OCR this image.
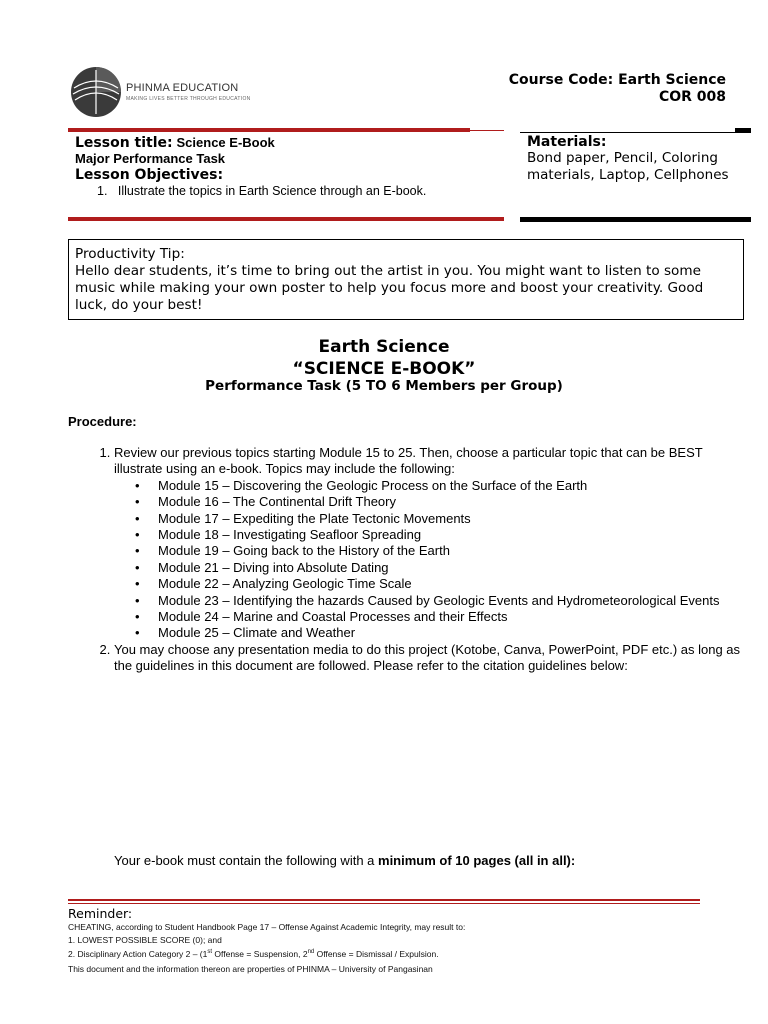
PHINMA EDUCATION
MAKING LIVES BETTER THROUGH EDUCATION
Course Code: Earth Science
COR 008
Lesson title: Science E-Book
Major Performance Task
Lesson Objectives:
1.   Illustrate the topics in Earth Science through an E-book.
Materials:
Bond paper, Pencil, Coloring materials, Laptop, Cellphones
Productivity Tip:
Hello dear students, it’s time to bring out the artist in you. You might want to listen to some music while making your own poster to help you focus more and boost your creativity. Good luck, do your best!
Earth Science
“SCIENCE E-BOOK”
Performance Task (5 TO 6 Members per Group)
Procedure:
1. Review our previous topics starting Module 15 to 25. Then, choose a particular topic that can be BEST illustrate using an e-book. Topics may include the following:
• Module 15 – Discovering the Geologic Process on the Surface of the Earth
• Module 16 – The Continental Drift Theory
• Module 17 – Expediting the Plate Tectonic Movements
• Module 18 – Investigating Seafloor Spreading
• Module 19 – Going back to the History of the Earth
• Module 21 – Diving into Absolute Dating
• Module 22 – Analyzing Geologic Time Scale
• Module 23 – Identifying the hazards Caused by Geologic Events and Hydrometeorological Events
• Module 24 – Marine and Coastal Processes and their Effects
• Module 25 – Climate and Weather
2. You may choose any presentation media to do this project (Kotobe, Canva, PowerPoint, PDF etc.) as long as the guidelines in this document are followed. Please refer to the citation guidelines below:
Your e-book must contain the following with a minimum of 10 pages (all in all):
Reminder:
CHEATING, according to Student Handbook Page 17 – Offense Against Academic Integrity, may result to:
1. LOWEST POSSIBLE SCORE (0); and
2. Disciplinary Action Category 2 – (1st Offense = Suspension, 2nd Offense = Dismissal / Expulsion.
This document and the information thereon are properties of PHINMA – University of Pangasinan
